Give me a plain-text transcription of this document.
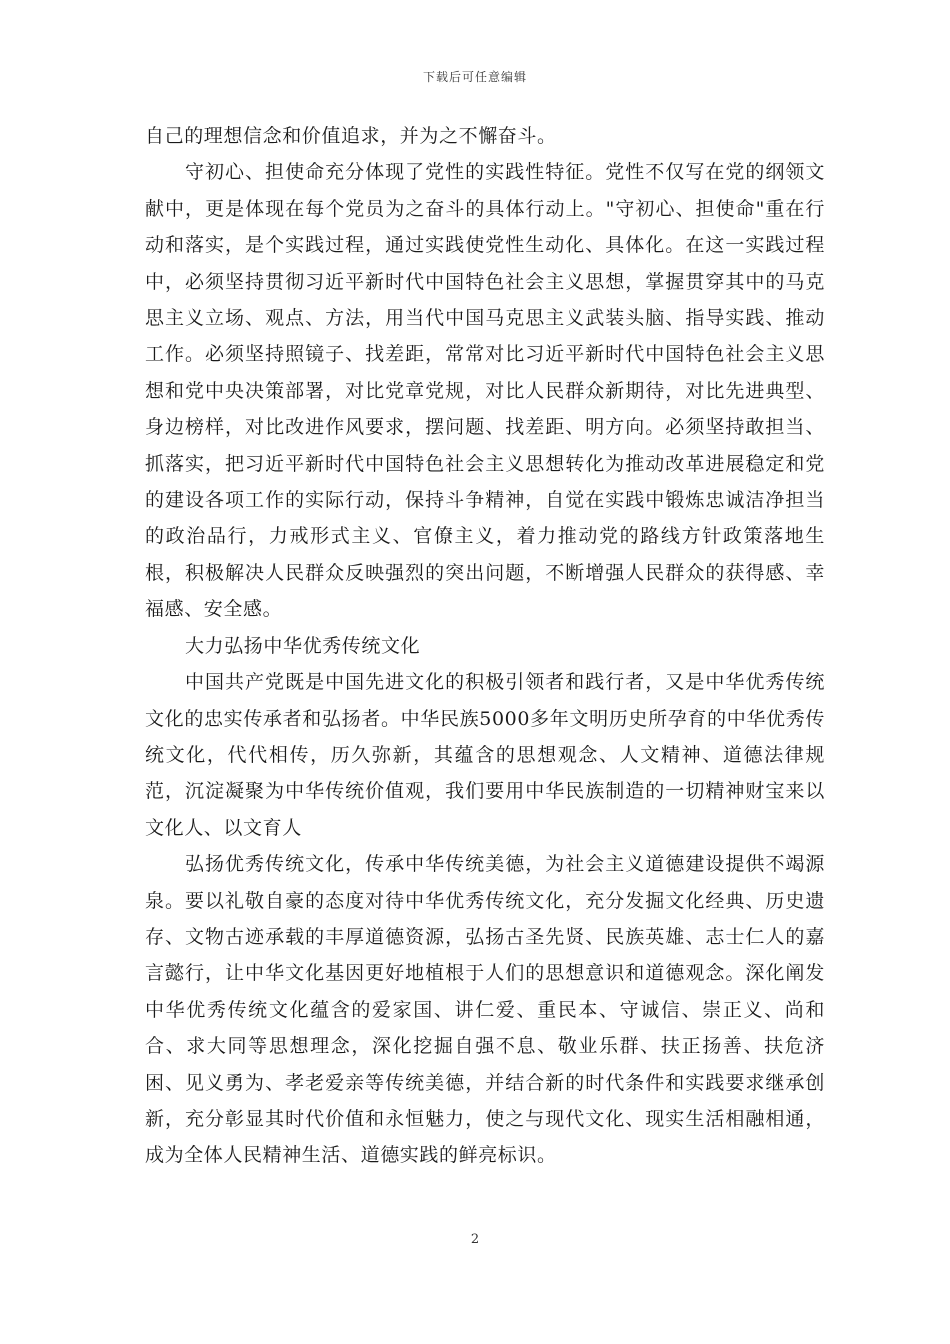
下载后可任意编辑

自己的理想信念和价值追求，并为之不懈奋斗。

守初心、担使命充分体现了党性的实践性特征。党性不仅写在党的纲领文献中，更是体现在每个党员为之奋斗的具体行动上。"守初心、担使命"重在行动和落实，是个实践过程，通过实践使党性生动化、具体化。在这一实践过程中，必须坚持贯彻习近平新时代中国特色社会主义思想，掌握贯穿其中的马克思主义立场、观点、方法，用当代中国马克思主义武装头脑、指导实践、推动工作。必须坚持照镜子、找差距，常常对比习近平新时代中国特色社会主义思想和党中央决策部署，对比党章党规，对比人民群众新期待，对比先进典型、身边榜样，对比改进作风要求，摆问题、找差距、明方向。必须坚持敢担当、抓落实，把习近平新时代中国特色社会主义思想转化为推动改革进展稳定和党的建设各项工作的实际行动，保持斗争精神，自觉在实践中锻炼忠诚洁净担当的政治品行，力戒形式主义、官僚主义，着力推动党的路线方针政策落地生根，积极解决人民群众反映强烈的突出问题，不断增强人民群众的获得感、幸福感、安全感。

大力弘扬中华优秀传统文化

中国共产党既是中国先进文化的积极引领者和践行者，又是中华优秀传统文化的忠实传承者和弘扬者。中华民族5000多年文明历史所孕育的中华优秀传统文化，代代相传，历久弥新，其蕴含的思想观念、人文精神、道德法律规范，沉淀凝聚为中华传统价值观，我们要用中华民族制造的一切精神财宝来以文化人、以文育人

弘扬优秀传统文化，传承中华传统美德，为社会主义道德建设提供不竭源泉。要以礼敬自豪的态度对待中华优秀传统文化，充分发掘文化经典、历史遗存、文物古迹承载的丰厚道德资源，弘扬古圣先贤、民族英雄、志士仁人的嘉言懿行，让中华文化基因更好地植根于人们的思想意识和道德观念。深化阐发中华优秀传统文化蕴含的爱家国、讲仁爱、重民本、守诚信、崇正义、尚和合、求大同等思想理念，深化挖掘自强不息、敬业乐群、扶正扬善、扶危济困、见义勇为、孝老爱亲等传统美德，并结合新的时代条件和实践要求继承创新，充分彰显其时代价值和永恒魅力，使之与现代文化、现实生活相融相通，成为全体人民精神生活、道德实践的鲜亮标识。

2
